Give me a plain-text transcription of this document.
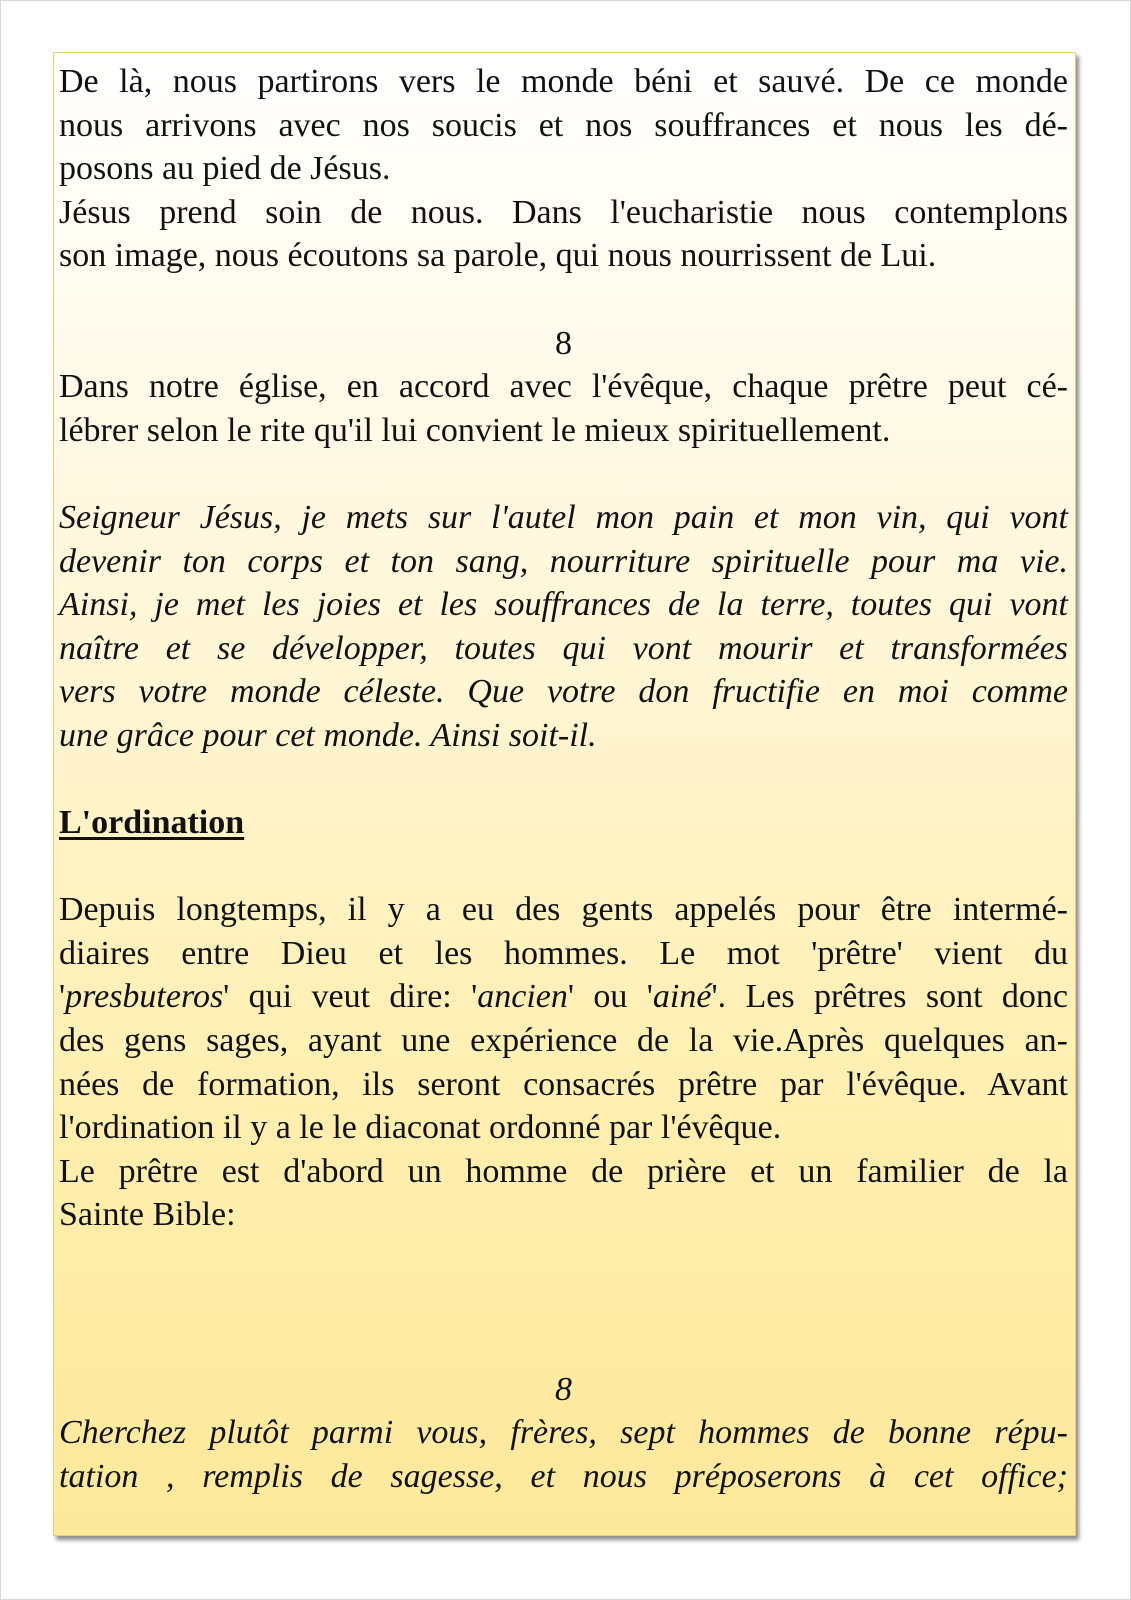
De là, nous partirons vers le monde béni et sauvé. De ce monde
nous arrivons avec nos soucis et nos souffrances et nous les dé-
posons au pied de Jésus.
Jésus prend soin de nous. Dans l'eucharistie nous contemplons
son image, nous écoutons sa parole, qui nous nourrissent de Lui.
8
Dans notre église, en accord avec l'évêque, chaque prêtre peut cé-
lébrer selon le rite qu'il lui convient le mieux spirituellement.
Seigneur Jésus, je mets sur l'autel mon pain et mon vin, qui vont
devenir ton corps et ton sang, nourriture spirituelle pour ma vie.
Ainsi, je met les joies et les souffrances de la terre, toutes qui vont
naître et se développer, toutes qui vont mourir et transformées
vers votre monde céleste. Que votre don fructifie en moi comme
une grâce pour cet monde. Ainsi soit-il.
L'ordination
Depuis longtemps, il y a eu des gents appelés pour être intermé-
diaires entre Dieu et les hommes. Le mot 'prêtre' vient du
'presbuteros' qui veut dire: 'ancien' ou 'ainé'. Les prêtres sont donc
des gens sages, ayant une expérience de la vie.Après quelques an-
nées de formation, ils seront consacrés prêtre par l'évêque. Avant
l'ordination il y a le le diaconat ordonné par l'évêque.
Le prêtre est d'abord un homme de prière et un familier de la
Sainte Bible:
8
Cherchez plutôt parmi vous, frères, sept hommes de bonne répu-
tation , remplis de sagesse, et nous préposerons à cet office;
